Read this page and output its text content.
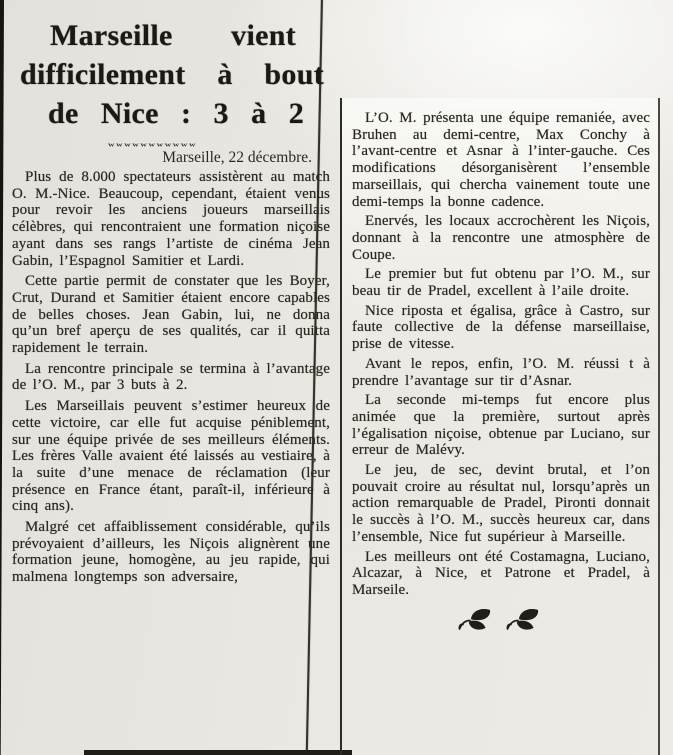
Marseille vient
difficilement à bout
de Nice : 3 à 2
wwwwwwwwwww
Marseille, 22 décembre.

Plus de 8.000 spectateurs assistèrent au match O. M.-Nice. Beaucoup, cependant, étaient venus pour revoir les anciens joueurs marseillais célèbres, qui rencontraient une formation niçoise ayant dans ses rangs l’artiste de cinéma Jean Gabin, l’Espagnol Samitier et Lardi.

Cette partie permit de constater que les Boyer, Crut, Durand et Samitier étaient encore capables de belles choses. Jean Gabin, lui, ne donna qu’un bref aperçu de ses qualités, car il quitta rapidement le terrain.

La rencontre principale se termina à l’avantage de l’O. M., par 3 buts à 2.

Les Marseillais peuvent s’estimer heureux de cette victoire, car elle fut acquise péniblement, sur une équipe privée de ses meilleurs éléments. Les frères Valle avaient été laissés au vestiaire, à la suite d’une menace de réclamation (leur présence en France étant, paraît-il, inférieure à cinq ans).

Malgré cet affaiblissement considérable, qu’ils prévoyaient d’ailleurs, les Niçois alignèrent une formation jeune, homogène, au jeu rapide, qui malmena longtemps son adversaire,

L’O. M. présenta une équipe remaniée, avec Bruhen au demi-centre, Max Conchy à l’avant-centre et Asnar à l’inter-gauche. Ces modifications désorganisèrent l’ensemble marseillais, qui chercha vainement toute une demi-temps la bonne cadence.

Enervés, les locaux accrochèrent les Niçois, donnant à la rencontre une atmosphère de Coupe.

Le premier but fut obtenu par l’O. M., sur beau tir de Pradel, excellent à l’aile droite.

Nice riposta et égalisa, grâce à Castro, sur faute collective de la défense marseillaise, prise de vitesse.

Avant le repos, enfin, l’O. M. réussi t à prendre l’avantage sur tir d’Asnar.

La seconde mi-temps fut encore plus animée que la première, surtout après l’égalisation niçoise, obtenue par Luciano, sur erreur de Malévy.

Le jeu, de sec, devint brutal, et l’on pouvait croire au résultat nul, lorsqu’après un action remarquable de Pradel, Pironti donnait le succès à l’O. M., succès heureux car, dans l’ensemble, Nice fut supérieur à Marseille.

Les meilleurs ont été Costamagna, Luciano, Alcazar, à Nice, et Patrone et Pradel, à Marseile.
